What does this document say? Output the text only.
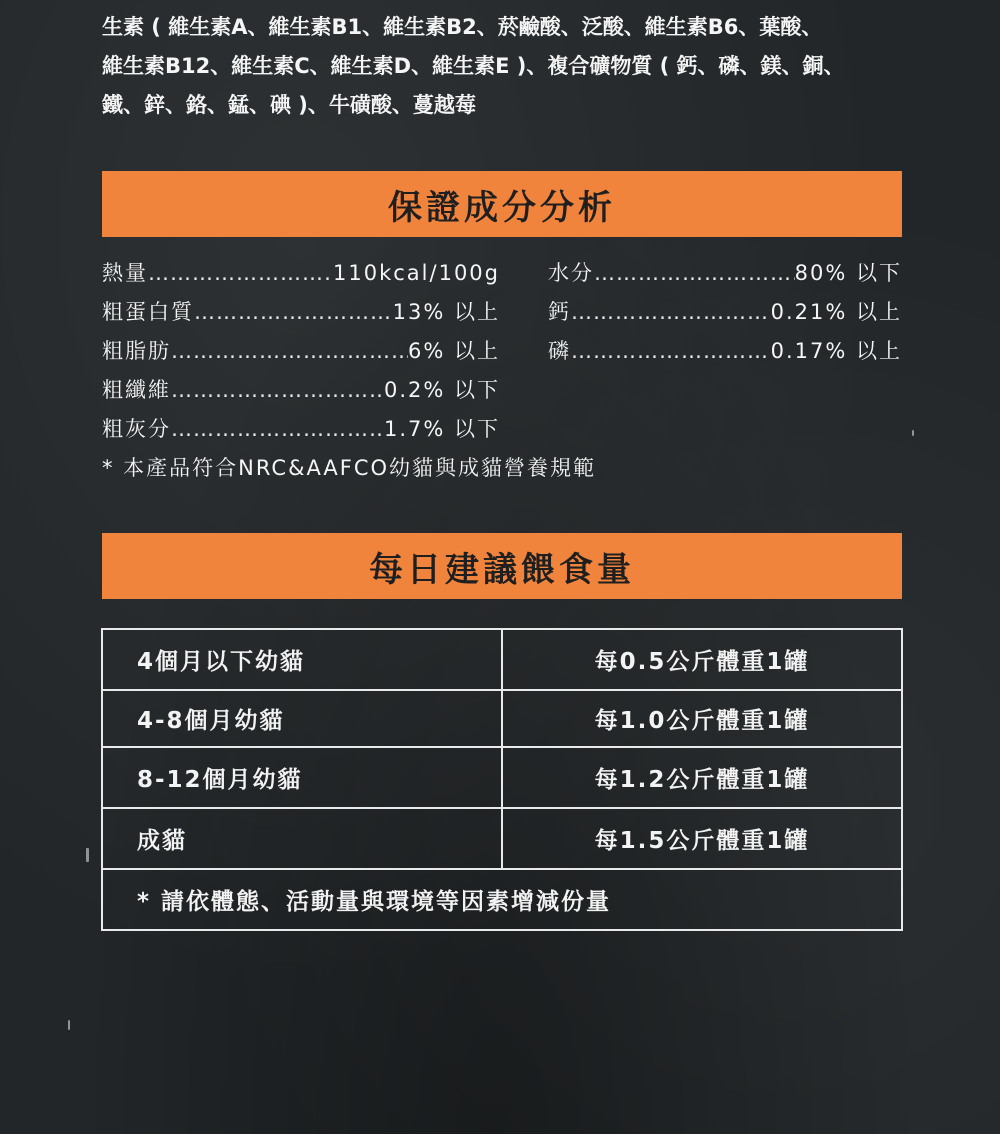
生素 ( 維生素A、維生素B1、維生素B2、菸鹼酸、泛酸、維生素B6、葉酸、
維生素B12、維生素C、維生素D、維生素E )、複合礦物質 ( 鈣、磷、鎂、銅、
鐵、鋅、鉻、錳、碘 )、牛磺酸、蔓越莓
保證成分分析
熱量 ……………………………………………………………	110kcal/100g
粗蛋白質 ……………………………………………………………	13% 以上
粗脂肪 ……………………………………………………………	6% 以上
粗纖維 ……………………………………………………………	0.2% 以下
粗灰分 ……………………………………………………………	1.7% 以下
水分 ……………………………………………………………	80% 以下
鈣 ……………………………………………………………	0.21% 以上
磷 ……………………………………………………………	0.17% 以上
* 本產品符合NRC&AAFCO幼貓與成貓營養規範
每日建議餵食量
4個月以下幼貓	每0.5公斤體重1罐
4-8個月幼貓	每1.0公斤體重1罐
8-12個月幼貓	每1.2公斤體重1罐
成貓	每1.5公斤體重1罐
* 請依體態、活動量與環境等因素增減份量
